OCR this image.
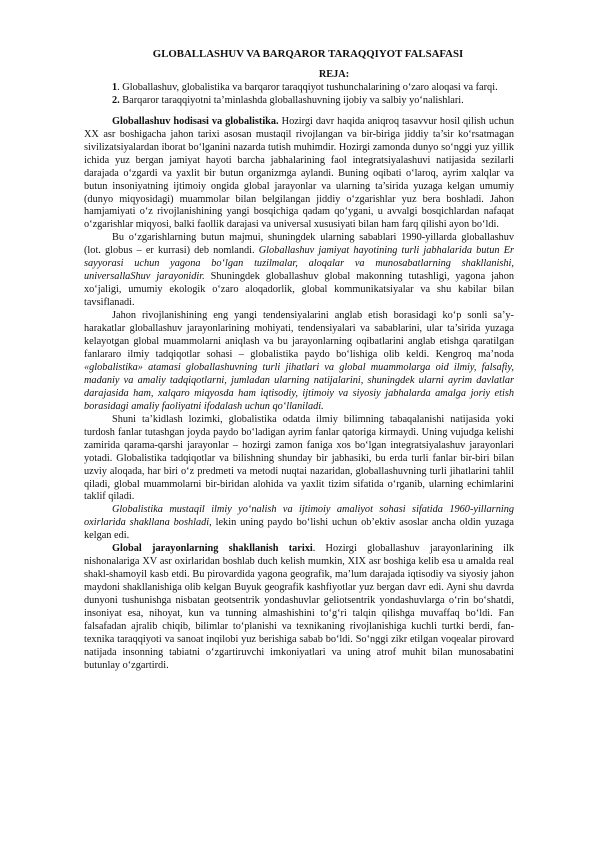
GLOBALLASHUV VA BARQAROR TARAQQIYOT FALSAFASI
REJA:

1. Globallashuv, globalistika va barqaror taraqqiyot tushunchalarining o‘zaro aloqasi va farqi.

2. Barqaror taraqqiyotni ta’minlashda globallashuvning ijobiy va salbiy yo‘nalishlari.

Globallashuv hodisasi va globalistika. Hozirgi davr haqida aniqroq tasavvur hosil qilish uchun XX asr boshigacha jahon tarixi asosan mustaqil rivojlangan va bir-biriga jiddiy ta’sir ko‘rsatmagan sivilizatsiyalardan iborat bo‘lganini nazarda tutish muhimdir. Hozirgi zamonda dunyo so‘nggi yuz yillik ichida yuz bergan jamiyat hayoti barcha jabhalarining faol integratsiyalashuvi natijasida sezilarli darajada o‘zgardi va yaxlit bir butun organizmga aylandi. Buning oqibati o‘laroq, ayrim xalqlar va butun insoniyatning ijtimoiy ongida global jarayonlar va ularning ta’sirida yuzaga kelgan umumiy (dunyo miqyosidagi) muammolar bilan belgilangan jiddiy o‘zgarishlar yuz bera boshladi. Jahon hamjamiyati o‘z rivojlanishining yangi bosqichiga qadam qo‘ygani, u avvalgi bosqichlardan nafaqat o‘zgarishlar miqyosi, balki faollik darajasi va universal xususiyati bilan ham farq qilishi ayon bo‘ldi.

Bu o‘zgarishlarning butun majmui, shuningdek ularning sabablari 1990-yillarda globallashuv (lot. globus – er kurrasi) deb nomlandi. Globallashuv jamiyat hayotining turli jabhalarida butun Er sayyorasi uchun yagona bo‘lgan tuzilmalar, aloqalar va munosabatlarning shakllanishi, universallaShuv jarayonidir. Shuningdek globallashuv global makonning tutashligi, yagona jahon xo‘jaligi, umumiy ekologik o‘zaro aloqadorlik, global kommunikatsiyalar va shu kabilar bilan tavsiflanadi.

Jahon rivojlanishining eng yangi tendensiyalarini anglab etish borasidagi ko‘p sonli sa’y-harakatlar globallashuv jarayonlarining mohiyati, tendensiyalari va sabablarini, ular ta’sirida yuzaga kelayotgan global muammolarni aniqlash va bu jarayonlarning oqibatlarini anglab etishga qaratilgan fanlararo ilmiy tadqiqotlar sohasi – globalistika paydo bo‘lishiga olib keldi. Kengroq ma’noda «globalistika» atamasi globallashuvning turli jihatlari va global muammolarga oid ilmiy, falsafiy, madaniy va amaliy tadqiqotlarni, jumladan ularning natijalarini, shuningdek ularni ayrim davlatlar darajasida ham, xalqaro miqyosda ham iqtisodiy, ijtimoiy va siyosiy jabhalarda amalga joriy etish borasidagi amaliy faoliyatni ifodalash uchun qo‘llaniladi.

Shuni ta’kidlash lozimki, globalistika odatda ilmiy bilimning tabaqalanishi natijasida yoki turdosh fanlar tutashgan joyda paydo bo‘ladigan ayrim fanlar qatoriga kirmaydi. Uning vujudga kelishi zamirida qarama-qarshi jarayonlar – hozirgi zamon faniga xos bo‘lgan integratsiyalashuv jarayonlari yotadi. Globalistika tadqiqotlar va bilishning shunday bir jabhasiki, bu erda turli fanlar bir-biri bilan uzviy aloqada, har biri o‘z predmeti va metodi nuqtai nazaridan, globallashuvning turli jihatlarini tahlil qiladi, global muammolarni bir-biridan alohida va yaxlit tizim sifatida o‘rganib, ularning echimlarini taklif qiladi.

Globalistika mustaqil ilmiy yo‘nalish va ijtimoiy amaliyot sohasi sifatida 1960-yillarning oxirlarida shakllana boshladi, lekin uning paydo bo‘lishi uchun ob’ektiv asoslar ancha oldin yuzaga kelgan edi.

Global jarayonlarning shakllanish tarixi. Hozirgi globallashuv jarayonlarining ilk nishonalariga XV asr oxirlaridan boshlab duch kelish mumkin, XIX asr boshiga kelib esa u amalda real shakl-shamoyil kasb etdi. Bu pirovardida yagona geografik, ma’lum darajada iqtisodiy va siyosiy jahon maydoni shakllanishiga olib kelgan Buyuk geografik kashfiyotlar yuz bergan davr edi. Ayni shu davrda dunyoni tushunishga nisbatan geotsentrik yondashuvlar geliotsentrik yondashuvlarga o‘rin bo‘shatdi, insoniyat esa, nihoyat, kun va tunning almashishini to‘g‘ri talqin qilishga muvaffaq bo‘ldi. Fan falsafadan ajralib chiqib, bilimlar to‘planishi va texnikaning rivojlanishiga kuchli turtki berdi, fan-texnika taraqqiyoti va sanoat inqilobi yuz berishiga sabab bo‘ldi. So‘nggi zikr etilgan voqealar pirovard natijada insonning tabiatni o‘zgartiruvchi imkoniyatlari va uning atrof muhit bilan munosabatini butunlay o‘zgartirdi.
